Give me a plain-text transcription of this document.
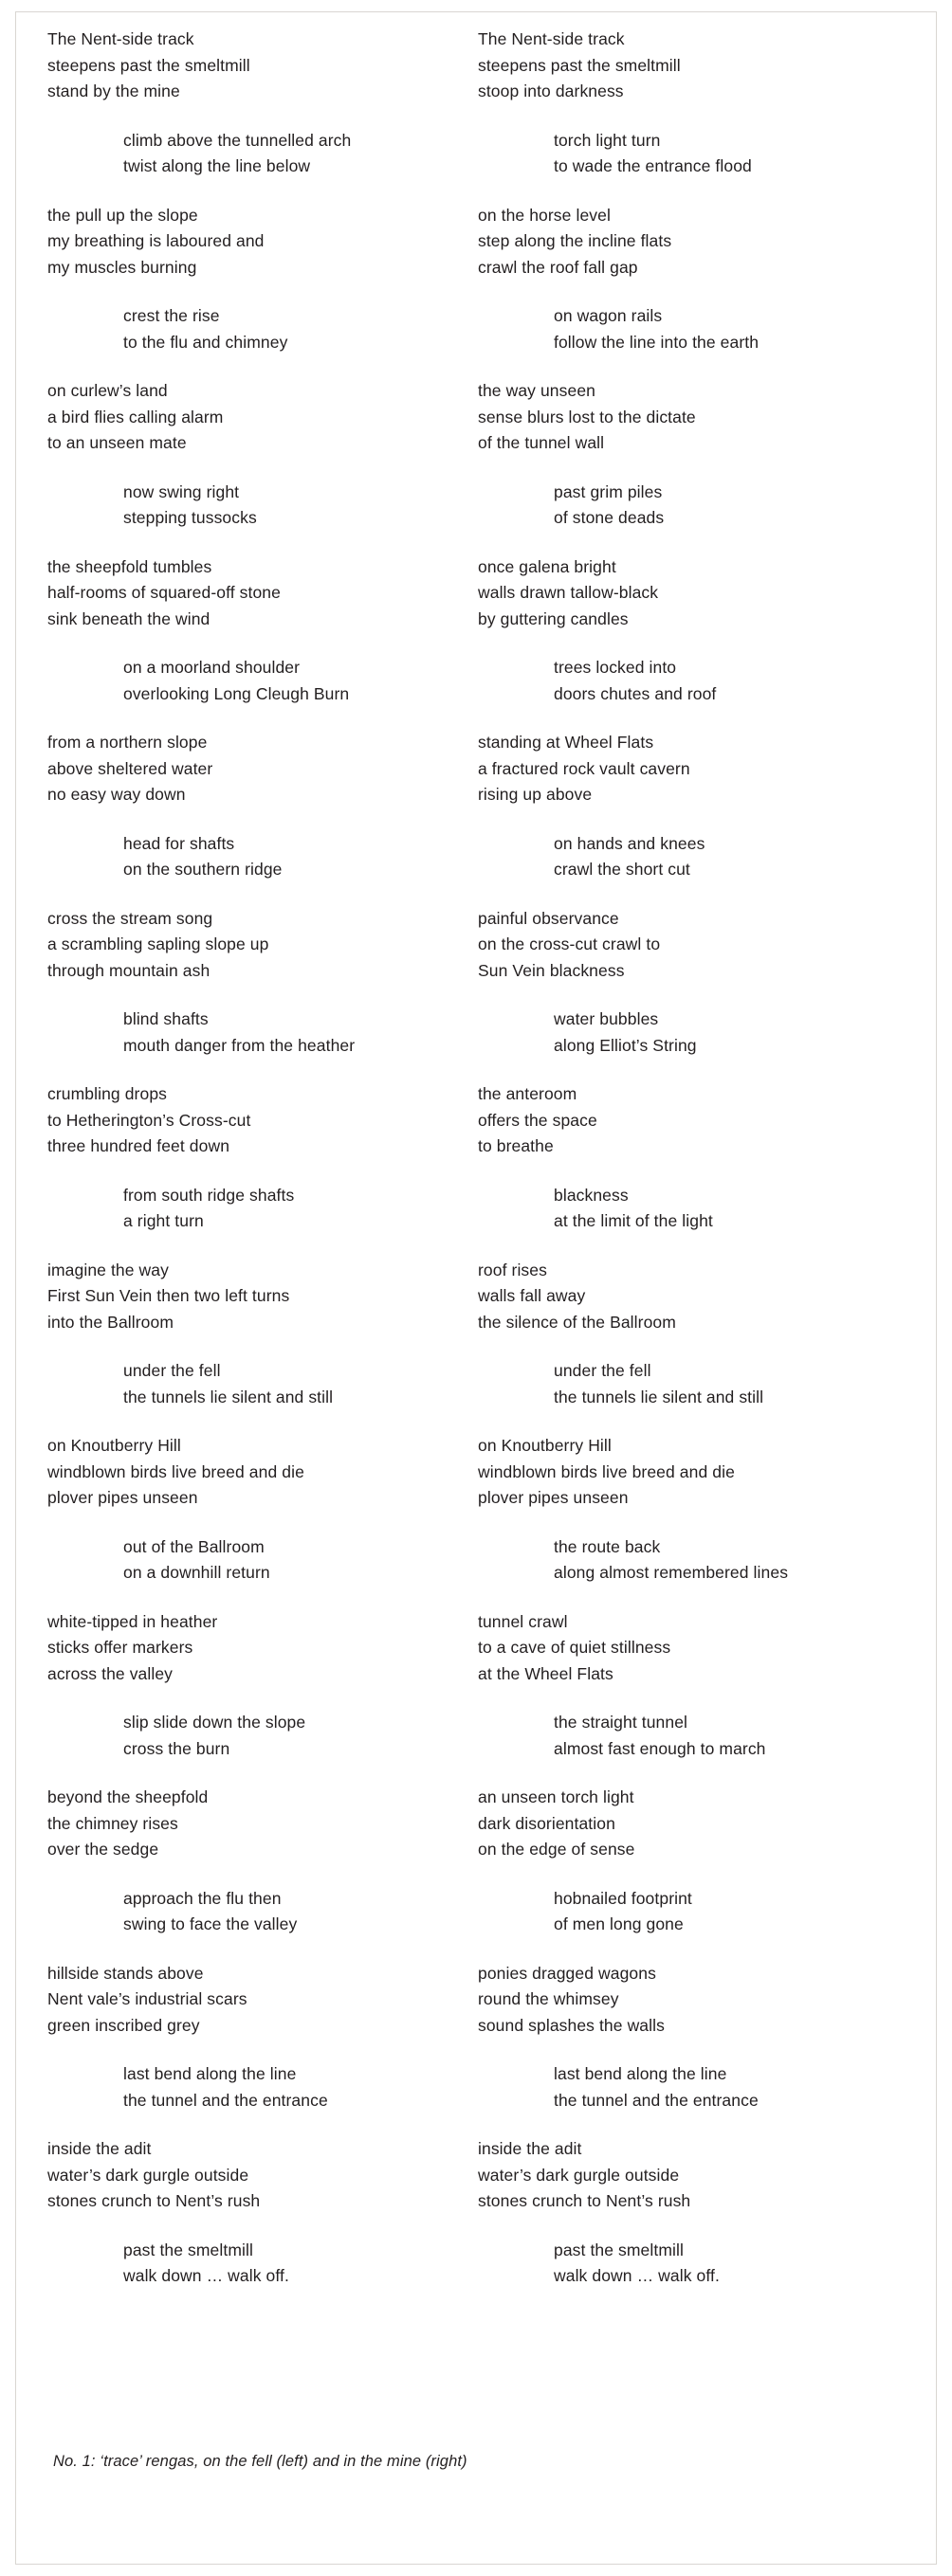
The Nent-side track
steepens past the smeltmill
stand by the mine
climb above the tunnelled arch
twist along the line below
the pull up the slope
my breathing is laboured and
my muscles burning
crest the rise
to the flu and chimney
on curlew’s land
a bird flies calling alarm
to an unseen mate
now swing right
stepping tussocks
the sheepfold tumbles
half-rooms of squared-off stone
sink beneath the wind
on a moorland shoulder
overlooking Long Cleugh Burn
from a northern slope
above sheltered water
no easy way down
head for shafts
on the southern ridge
cross the stream song
a scrambling sapling slope up
through mountain ash
blind shafts
mouth danger from the heather
crumbling drops
to Hetherington’s Cross-cut
three hundred feet down
from south ridge shafts
a right turn
imagine the way
First Sun Vein then two left turns
into the Ballroom
under the fell
the tunnels lie silent and still
on Knoutberry Hill
windblown birds live breed and die
plover pipes unseen
out of the Ballroom
on a downhill return
white-tipped in heather
sticks offer markers
across the valley
slip slide down the slope
cross the burn
beyond the sheepfold
the chimney rises
over the sedge
approach the flu then
swing to face the valley
hillside stands above
Nent vale’s industrial scars
green inscribed grey
last bend along the line
the tunnel and the entrance
inside the adit
water’s dark gurgle outside
stones crunch to Nent’s rush
past the smeltmill
walk down … walk off.
The Nent-side track
steepens past the smeltmill
stoop into darkness
torch light turn
to wade the entrance flood
on the horse level
step along the incline flats
crawl the roof fall gap
on wagon rails
follow the line into the earth
the way unseen
sense blurs lost to the dictate
of the tunnel wall
past grim piles
of stone deads
once galena bright
walls drawn tallow-black
by guttering candles
trees locked into
doors chutes and roof
standing at Wheel Flats
a fractured rock vault cavern
rising up above
on hands and knees
crawl the short cut
painful observance
on the cross-cut crawl to
Sun Vein blackness
water bubbles
along Elliot’s String
the anteroom
offers the space
to breathe
blackness
at the limit of the light
roof rises
walls fall away
the silence of the Ballroom
under the fell
the tunnels lie silent and still
on Knoutberry Hill
windblown birds live breed and die
plover pipes unseen
the route back
along almost remembered lines
tunnel crawl
to a cave of quiet stillness
at the Wheel Flats
the straight tunnel
almost fast enough to march
an unseen torch light
dark disorientation
on the edge of sense
hobnailed footprint
of men long gone
ponies dragged wagons
round the whimsey
sound splashes the walls
last bend along the line
the tunnel and the entrance
inside the adit
water’s dark gurgle outside
stones crunch to Nent’s rush
past the smeltmill
walk down … walk off.
No. 1: ‘trace’ rengas, on the fell (left) and in the mine (right)
